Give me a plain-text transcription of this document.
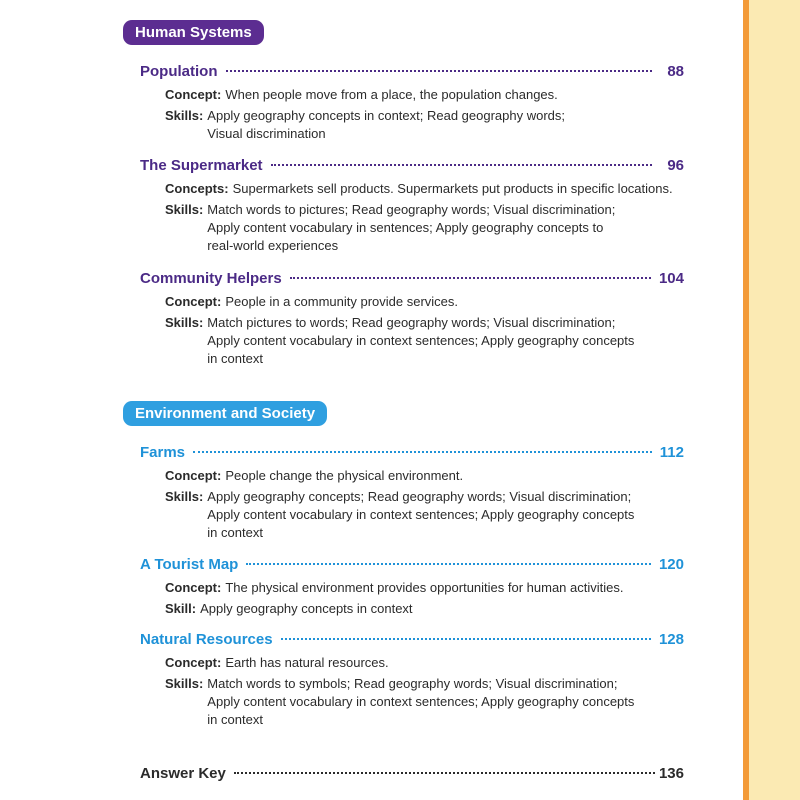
Human Systems
Population	88
Concept: When people move from a place, the population changes.
Skills: Apply geography concepts in context; Read geography words;
Visual discrimination
The Supermarket	96
Concepts: Supermarkets sell products. Supermarkets put products in specific locations.
Skills: Match words to pictures; Read geography words; Visual discrimination;
Apply content vocabulary in sentences; Apply geography concepts to
real-world experiences
Community Helpers	104
Concept: People in a community provide services.
Skills: Match pictures to words; Read geography words; Visual discrimination;
Apply content vocabulary in context sentences; Apply geography concepts
in context
Environment and Society
Farms	112
Concept: People change the physical environment.
Skills: Apply geography concepts; Read geography words; Visual discrimination;
Apply content vocabulary in context sentences; Apply geography concepts
in context
A Tourist Map	120
Concept: The physical environment provides opportunities for human activities.
Skill: Apply geography concepts in context
Natural Resources	128
Concept: Earth has natural resources.
Skills: Match words to symbols; Read geography words; Visual discrimination;
Apply content vocabulary in context sentences; Apply geography concepts
in context
Answer Key	136
